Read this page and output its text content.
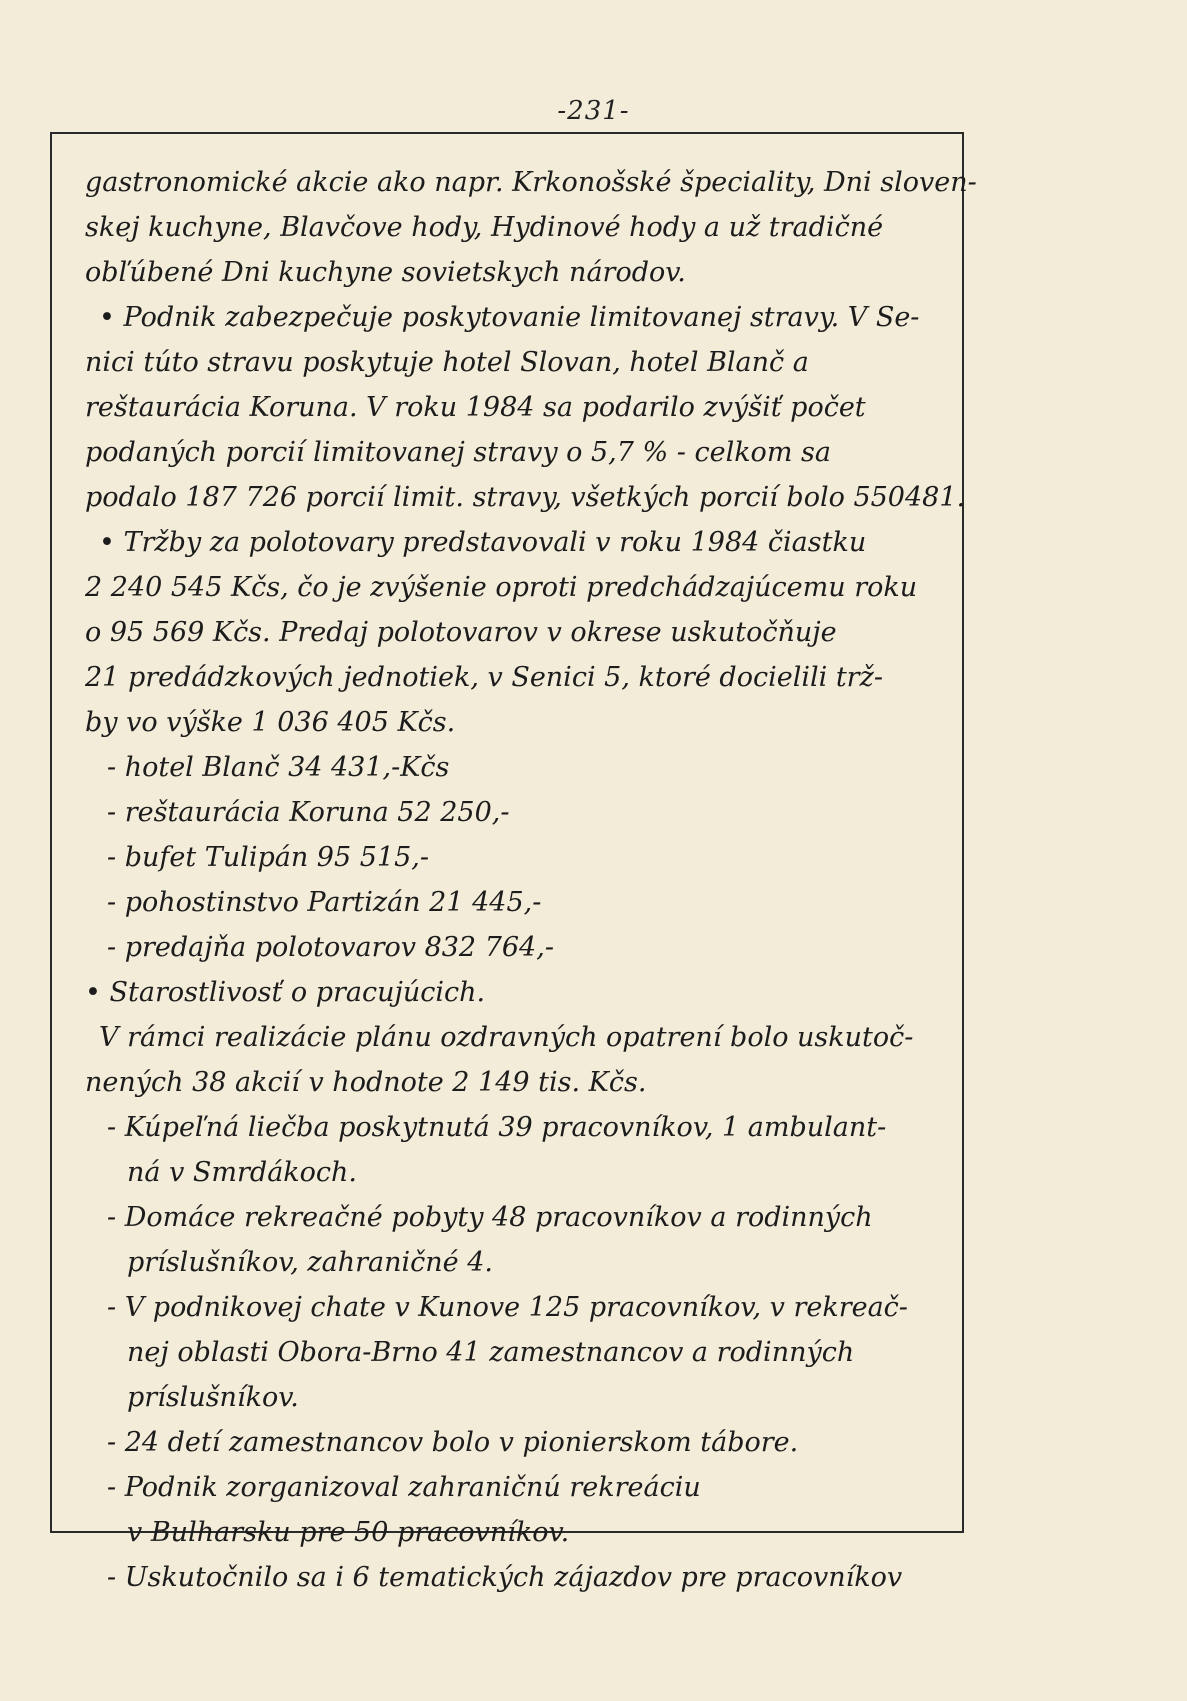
-231-
gastronomické akcie ako napr. Krkonošské špeciality, Dni sloven-
skej kuchyne, Blavčove hody, Hydinové hody a už tradičné
obľúbené Dni kuchyne sovietskych národov.
• Podnik zabezpečuje poskytovanie limitovanej stravy. V Se-
nici túto stravu poskytuje hotel Slovan, hotel Blanč a
reštaurácia Koruna. V roku 1984 sa podarilo zvýšiť počet
podaných porcií limitovanej stravy o 5,7 % - celkom sa
podalo 187 726 porcií limit. stravy, všetkých porcií bolo 550481.
• Tržby za polotovary predstavovali v roku 1984 čiastku
2 240 545 Kčs, čo je zvýšenie oproti predchádzajúcemu roku
o 95 569 Kčs. Predaj polotovarov v okrese uskutočňuje
21 predádzkových jednotiek, v Senici 5, ktoré docielili trž-
by vo výške 1 036 405 Kčs.
- hotel Blanč 34 431,-Kčs
- reštaurácia Koruna 52 250,-
- bufet Tulipán 95 515,-
- pohostinstvo Partizán 21 445,-
- predajňa polotovarov 832 764,-
• Starostlivosť o pracujúcich.
V rámci realizácie plánu ozdravných opatrení bolo uskutoč-
nených 38 akcií v hodnote 2 149 tis. Kčs.
- Kúpeľná liečba poskytnutá 39 pracovníkov, 1 ambulant-
ná v Smrdákoch.
- Domáce rekreačné pobyty 48 pracovníkov a rodinných
príslušníkov, zahraničné 4.
- V podnikovej chate v Kunove 125 pracovníkov, v rekreač-
nej oblasti Obora-Brno 41 zamestnancov a rodinných
príslušníkov.
- 24 detí zamestnancov bolo v pionierskom tábore.
- Podnik zorganizoval zahraničnú rekreáciu
v Bulharsku pre 50 pracovníkov.
- Uskutočnilo sa i 6 tematických zájazdov pre pracovníkov
